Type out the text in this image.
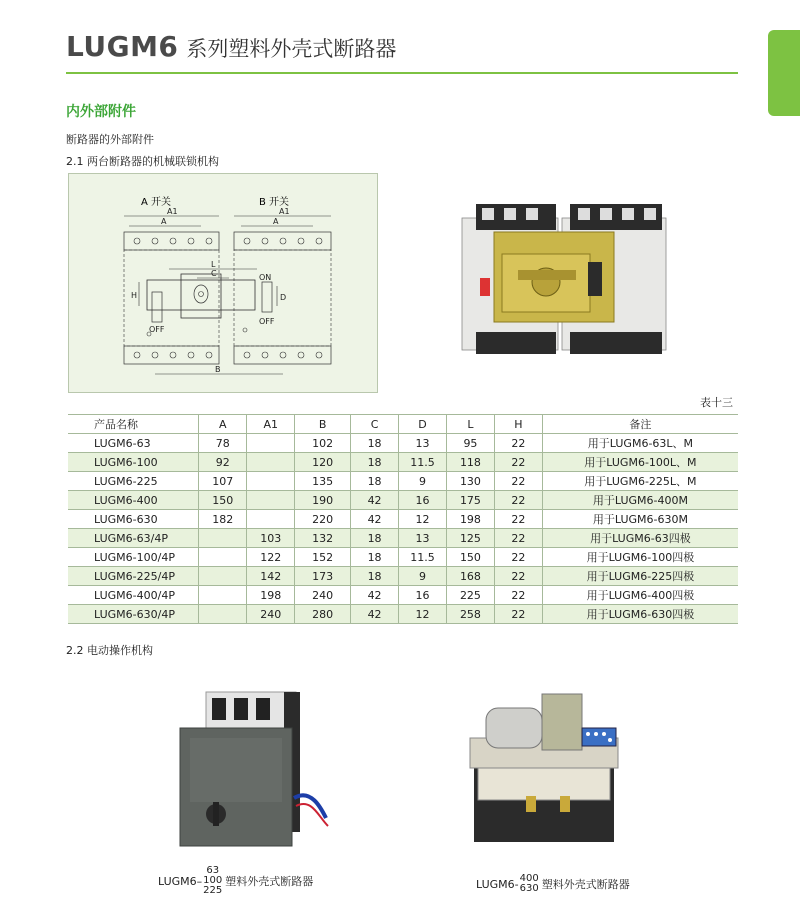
LUGM6 系列塑料外壳式断路器
内外部附件
断路器的外部附件
2.1 两台断路器的机械联锁机构
A 开关	B 开关
A1
A
A1
A
L
C
H	D
ON
OFF
OFF
B
表十三
产品名称	A	A1	B	C	D	L	H	备注
LUGM6-63	78		102	18	13	95	22	用于LUGM6-63L、M
LUGM6-100	92		120	18	11.5	118	22	用于LUGM6-100L、M
LUGM6-225	107		135	18	9	130	22	用于LUGM6-225L、M
LUGM6-400	150		190	42	16	175	22	用于LUGM6-400M
LUGM6-630	182		220	42	12	198	22	用于LUGM6-630M
LUGM6-63/4P		103	132	18	13	125	22	用于LUGM6-63四极
LUGM6-100/4P		122	152	18	11.5	150	22	用于LUGM6-100四极
LUGM6-225/4P		142	173	18	9	168	22	用于LUGM6-225四极
LUGM6-400/4P		198	240	42	16	225	22	用于LUGM6-400四极
LUGM6-630/4P		240	280	42	12	258	22	用于LUGM6-630四极
2.2 电动操作机构
LUGM6–
63
100
225
塑料外壳式断路器	LUGM6- 400
630 塑料外壳式断路器
